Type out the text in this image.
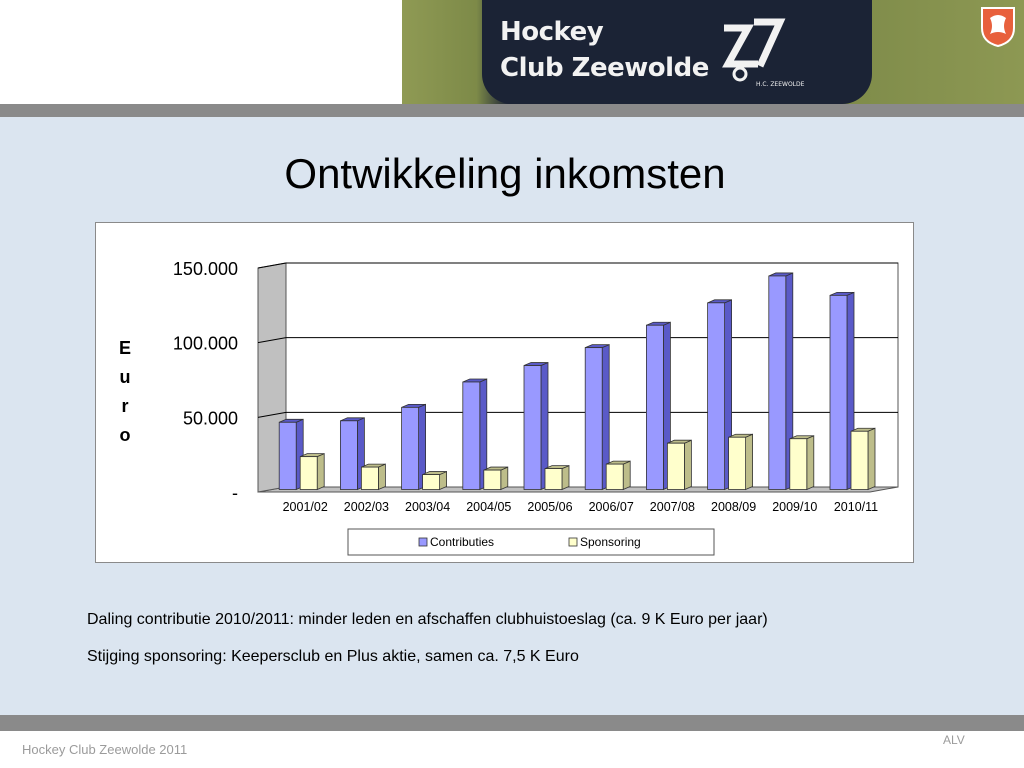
Hockey
Club Zeewolde
H.C. ZEEWOLDE
Ontwikkeling inkomsten
-
50.000
100.000
150.000
E
u
r
o
2001/02 2002/03 2003/04 2004/05 2005/06 2006/07 2007/08 2008/09 2009/10 2010/11
Contributies	Sponsoring
Daling contributie 2010/2011: minder leden en afschaffen clubhuistoeslag (ca. 9 K Euro per jaar)
Stijging sponsoring: Keepersclub en Plus aktie, samen ca. 7,5 K Euro
Hockey Club Zeewolde 2011
ALV
